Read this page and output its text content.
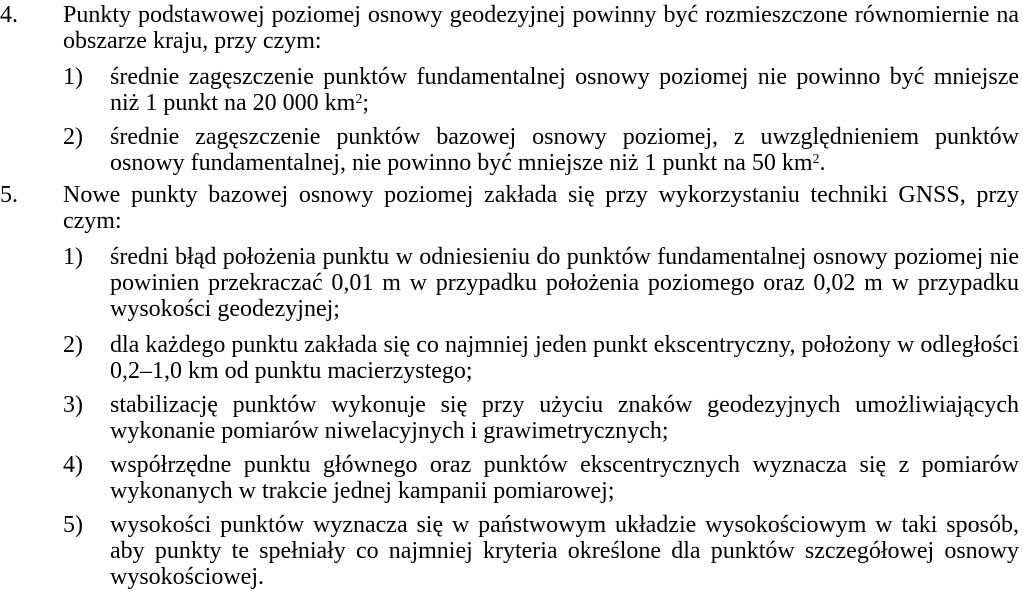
4.	Punkty podstawowej poziomej osnowy geodezyjnej powinny być rozmieszczone równomiernie na obszarze kraju, przy czym:
1)	średnie zagęszczenie punktów fundamentalnej osnowy poziomej nie powinno być mniejsze niż 1 punkt na 20 000 $km^2$;
2)	średnie zagęszczenie punktów bazowej osnowy poziomej, z uwzględnieniem punktów osnowy fundamentalnej, nie powinno być mniejsze niż 1 punkt na 50 $km^2$.
5.	Nowe punkty bazowej osnowy poziomej zakłada się przy wykorzystaniu techniki GNSS, przy czym:
1)	średni błąd położenia punktu w odniesieniu do punktów fundamentalnej osnowy poziomej nie powinien przekraczać 0,01 m w przypadku położenia poziomego oraz 0,02 m w przypadku wysokości geodezyjnej;
2)	dla każdego punktu zakłada się co najmniej jeden punkt ekscentryczny, położony w odległości 0,2–1,0 km od punktu macierzystego;
3)	stabilizację punktów wykonuje się przy użyciu znaków geodezyjnych umożliwiających wykonanie pomiarów niwelacyjnych i grawimetrycznych;
4)	współrzędne punktu głównego oraz punktów ekscentrycznych wyznacza się z pomiarów wykonanych w trakcie jednej kampanii pomiarowej;
5)	wysokości punktów wyznacza się w państwowym układzie wysokościowym w taki sposób, aby punkty te spełniały co najmniej kryteria określone dla punktów szczegółowej osnowy wysokościowej.
